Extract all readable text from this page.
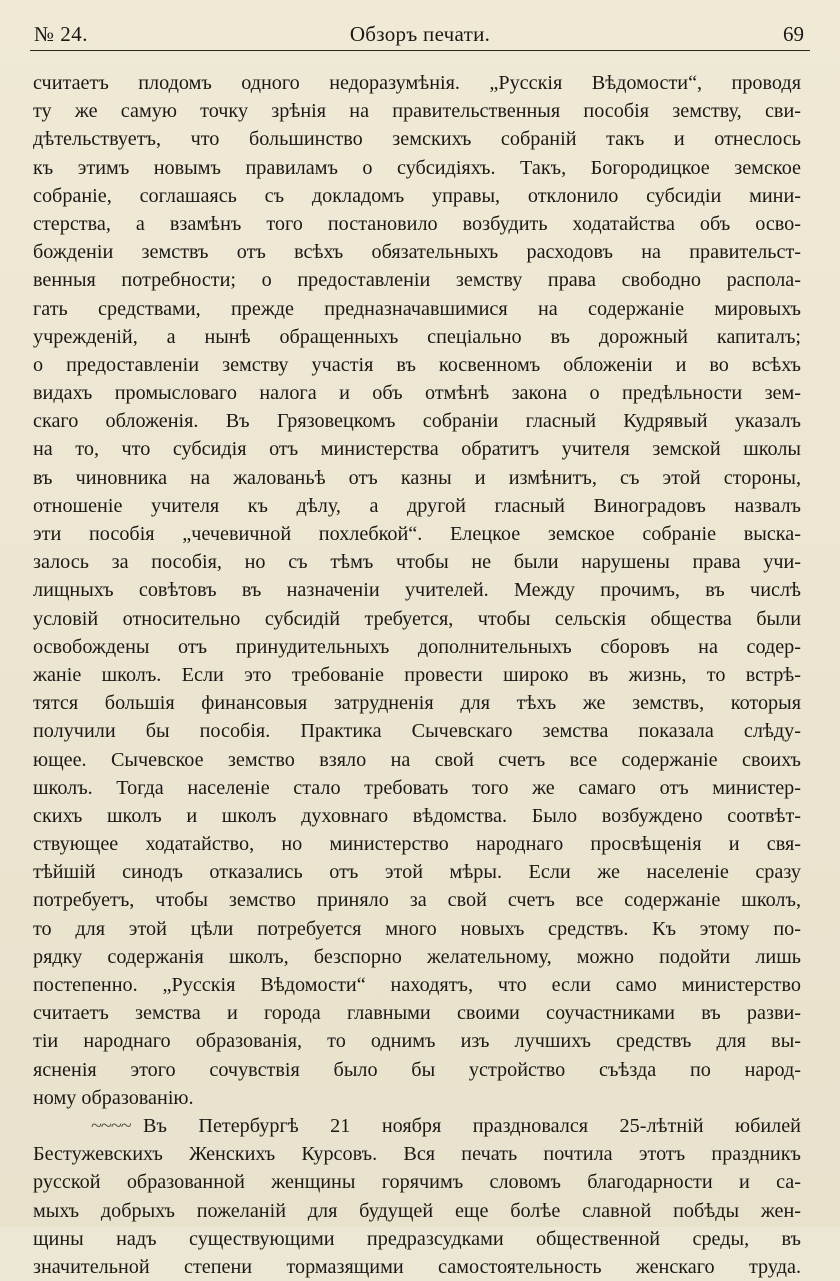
№ 24.	Обзоръ печати.	69
считаетъ плодомъ одного недоразумѣнія. „Русскія Вѣдомости“, проводя
ту же самую точку зрѣнія на правительственныя пособія земству, сви-
дѣтельствуетъ, что большинство земскихъ собраній такъ и отнеслось
къ этимъ новымъ правиламъ о субсидіяхъ. Такъ, Богородицкое земское
собраніе, соглашаясь съ докладомъ управы, отклонило субсидіи мини-
стерства, а взамѣнъ того постановило возбудить ходатайства объ осво-
божденіи земствъ отъ всѣхъ обязательныхъ расходовъ на правительст-
венныя потребности; о предоставленіи земству права свободно распола-
гать средствами, прежде предназначавшимися на содержаніе мировыхъ
учрежденій, а нынѣ обращенныхъ спеціально въ дорожный капиталъ;
о предоставленіи земству участія въ косвенномъ обложеніи и во всѣхъ
видахъ промысловаго налога и объ отмѣнѣ закона о предѣльности зем-
скаго обложенія. Въ Грязовецкомъ собраніи гласный Кудрявый указалъ
на то, что субсидія отъ министерства обратитъ учителя земской школы
въ чиновника на жалованьѣ отъ казны и измѣнитъ, съ этой стороны,
отношеніе учителя къ дѣлу, а другой гласный Виноградовъ назвалъ
эти пособія „чечевичной похлебкой“. Елецкое земское собраніе выска-
залось за пособія, но съ тѣмъ чтобы не были нарушены права учи-
лищныхъ совѣтовъ въ назначеніи учителей. Между прочимъ, въ числѣ
условій относительно субсидій требуется, чтобы сельскія общества были
освобождены отъ принудительныхъ дополнительныхъ сборовъ на содер-
жаніе школъ. Если это требованіе провести широко въ жизнь, то встрѣ-
тятся большія финансовыя затрудненія для тѣхъ же земствъ, которыя
получили бы пособія. Практика Сычевскаго земства показала слѣду-
ющее. Сычевское земство взяло на свой счетъ все содержаніе своихъ
школъ. Тогда населеніе стало требовать того же самаго отъ министер-
скихъ школъ и школъ духовнаго вѣдомства. Было возбуждено соотвѣт-
ствующее ходатайство, но министерство народнаго просвѣщенія и свя-
тѣйшій синодъ отказались отъ этой мѣры. Если же населеніе сразу
потребуетъ, чтобы земство приняло за свой счетъ все содержаніе школъ,
то для этой цѣли потребуется много новыхъ средствъ. Къ этому по-
рядку содержанія школъ, безспорно желательному, можно подойти лишь
постепенно. „Русскія Вѣдомости“ находятъ, что если само министерство
считаетъ земства и города главными своими соучастниками въ разви-
тіи народнаго образованія, то однимъ изъ лучшихъ средствъ для вы-
ясненія этого сочувствія было бы устройство съѣзда по народ-
ному образованію.
~~~~ Въ Петербургѣ 21 ноября праздновался 25-лѣтній юбилей
Бестужевскихъ Женскихъ Курсовъ. Вся печать почтила этотъ праздникъ
русской образованной женщины горячимъ словомъ благодарности и са-
мыхъ добрыхъ пожеланій для будущей еще болѣе славной побѣды жен-
щины надъ существующими предразсудками общественной среды, въ
значительной степени тормазящими самостоятельность женскаго труда.
